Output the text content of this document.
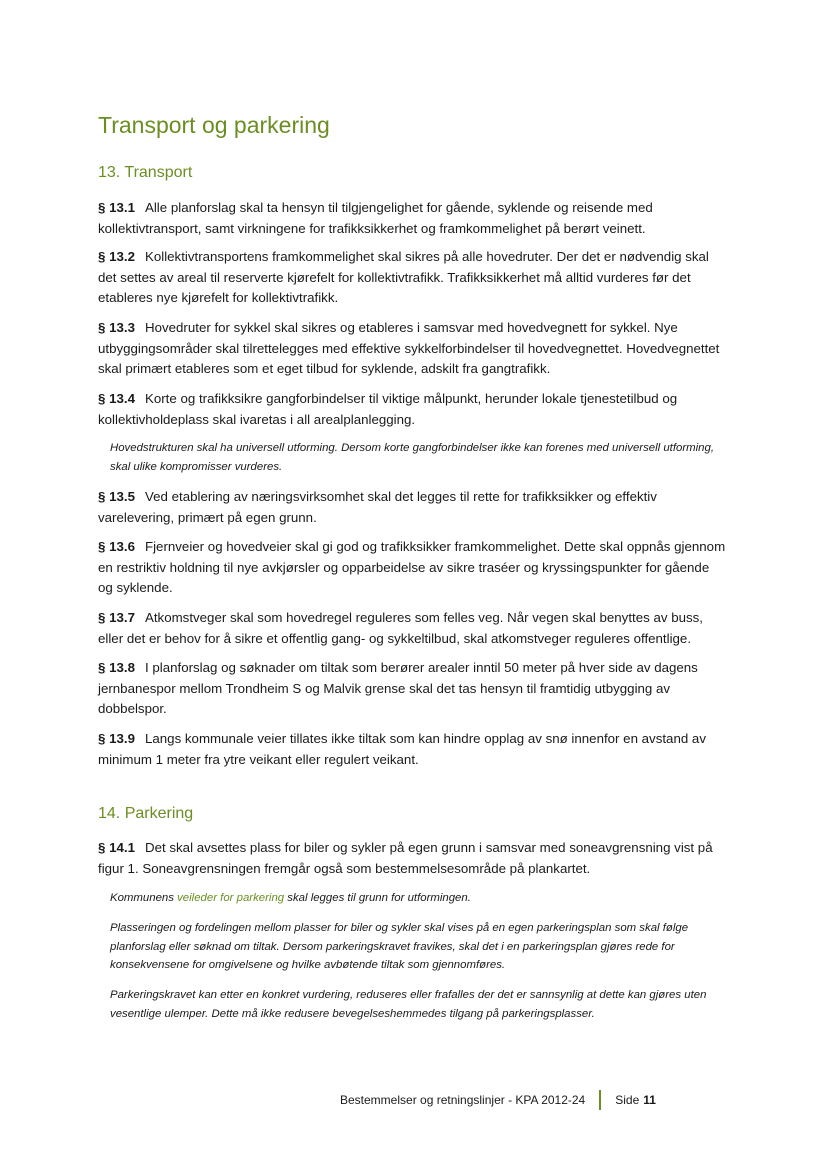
Transport og parkering
13. Transport

§ 13.1 Alle planforslag skal ta hensyn til tilgjengelighet for gående, syklende og reisende med kollektivtransport, samt virkningene for trafikksikkerhet og framkommelighet på berørt veinett.

§ 13.2 Kollektivtransportens framkommelighet skal sikres på alle hovedruter. Der det er nødvendig skal det settes av areal til reserverte kjørefelt for kollektivtrafikk. Trafikksikkerhet må alltid vurderes før det etableres nye kjørefelt for kollektivtrafikk.

§ 13.3 Hovedruter for sykkel skal sikres og etableres i samsvar med hovedvegnett for sykkel. Nye utbyggingsområder skal tilrettelegges med effektive sykkelforbindelser til hovedvegnettet. Hovedvegnettet skal primært etableres som et eget tilbud for syklende, adskilt fra gangtrafikk.

§ 13.4 Korte og trafikksikre gangforbindelser til viktige målpunkt, herunder lokale tjenestetilbud og kollektivholdeplass skal ivaretas i all arealplanlegging.

Hovedstrukturen skal ha universell utforming. Dersom korte gangforbindelser ikke kan forenes med universell utforming, skal ulike kompromisser vurderes.

§ 13.5 Ved etablering av næringsvirksomhet skal det legges til rette for trafikksikker og effektiv varelevering, primært på egen grunn.

§ 13.6 Fjernveier og hovedveier skal gi god og trafikksikker framkommelighet. Dette skal oppnås gjennom en restriktiv holdning til nye avkjørsler og opparbeidelse av sikre traséer og kryssingspunkter for gående og syklende.

§ 13.7 Atkomstveger skal som hovedregel reguleres som felles veg. Når vegen skal benyttes av buss, eller det er behov for å sikre et offentlig gang- og sykkeltilbud, skal atkomstveger reguleres offentlige.

§ 13.8 I planforslag og søknader om tiltak som berører arealer inntil 50 meter på hver side av dagens jernbanespor mellom Trondheim S og Malvik grense skal det tas hensyn til framtidig utbygging av dobbelspor.

§ 13.9 Langs kommunale veier tillates ikke tiltak som kan hindre opplag av snø innenfor en avstand av minimum 1 meter fra ytre veikant eller regulert veikant.

14. Parkering

§ 14.1 Det skal avsettes plass for biler og sykler på egen grunn i samsvar med soneavgrensning vist på figur 1. Soneavgrensningen fremgår også som bestemmelsesområde på plankartet.

Kommunens veileder for parkering skal legges til grunn for utformingen.

Plasseringen og fordelingen mellom plasser for biler og sykler skal vises på en egen parkeringsplan som skal følge planforslag eller søknad om tiltak. Dersom parkeringskravet fravikes, skal det i en parkeringsplan gjøres rede for konsekvensene for omgivelsene og hvilke avbøtende tiltak som gjennomføres.

Parkeringskravet kan etter en konkret vurdering, reduseres eller frafalles der det er sannsynlig at dette kan gjøres uten vesentlige ulemper. Dette må ikke redusere bevegelseshemmedes tilgang på parkeringsplasser.

Bestemmelser og retningslinjer - KPA 2012-24	Side 11
